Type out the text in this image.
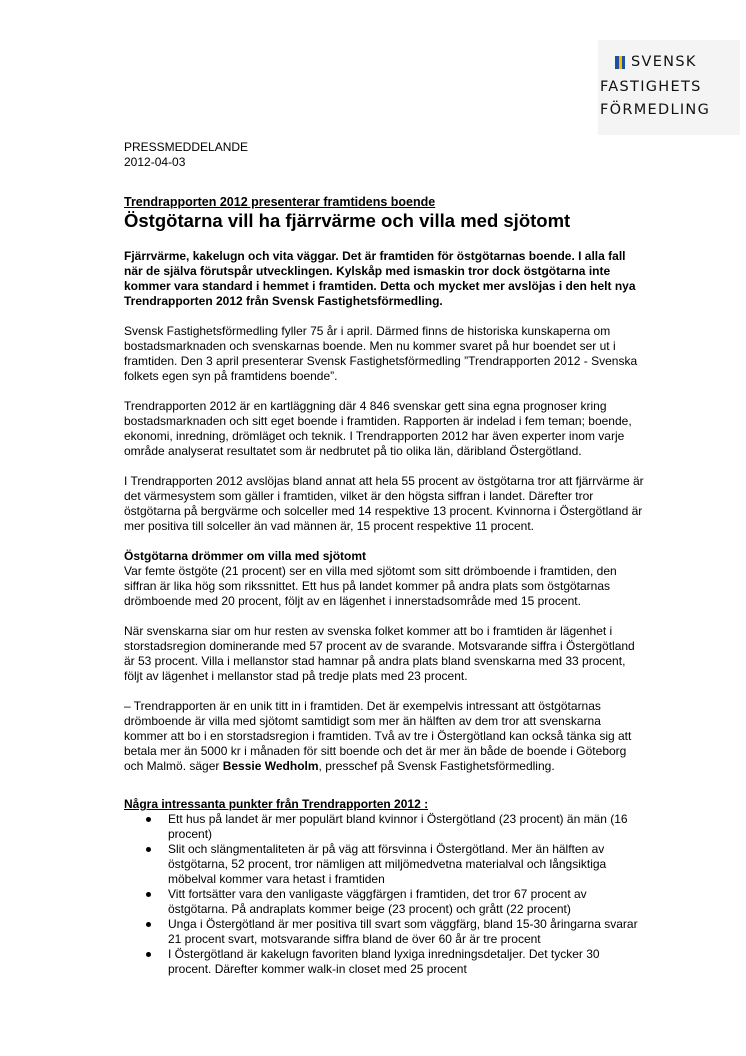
SVENSK
FASTIGHETS
FÖRMEDLING

PRESSMEDDELANDE

2012-04-03

Trendrapporten 2012 presenterar framtidens boende

Östgötarna vill ha fjärrvärme och villa med sjötomt

Fjärrvärme, kakelugn och vita väggar. Det är framtiden för östgötarnas boende. I alla fall när de själva förutspår utvecklingen. Kylskåp med ismaskin tror dock östgötarna inte kommer vara standard i hemmet i framtiden. Detta och mycket mer avslöjas i den helt nya Trendrapporten 2012 från Svensk Fastighetsförmedling.

Svensk Fastighetsförmedling fyller 75 år i april. Därmed finns de historiska kunskaperna om bostadsmarknaden och svenskarnas boende. Men nu kommer svaret på hur boendet ser ut i framtiden. Den 3 april presenterar Svensk Fastighetsförmedling ”Trendrapporten 2012 - Svenska folkets egen syn på framtidens boende”.

Trendrapporten 2012 är en kartläggning där 4 846 svenskar gett sina egna prognoser kring bostadsmarknaden och sitt eget boende i framtiden. Rapporten är indelad i fem teman; boende, ekonomi, inredning, drömläget och teknik. I Trendrapporten 2012 har även experter inom varje område analyserat resultatet som är nedbrutet på tio olika län, däribland Östergötland.

I Trendrapporten 2012 avslöjas bland annat att hela 55 procent av östgötarna tror att fjärrvärme är det värmesystem som gäller i framtiden, vilket är den högsta siffran i landet. Därefter tror östgötarna på bergvärme och solceller med 14 respektive 13 procent. Kvinnorna i Östergötland är mer positiva till solceller än vad männen är, 15 procent respektive 11 procent.

Östgötarna drömmer om villa med sjötomt

Var femte östgöte (21 procent) ser en villa med sjötomt som sitt drömboende i framtiden, den siffran är lika hög som rikssnittet. Ett hus på landet kommer på andra plats som östgötarnas drömboende med 20 procent, följt av en lägenhet i innerstadsområde med 15 procent.

När svenskarna siar om hur resten av svenska folket kommer att bo i framtiden är lägenhet i storstadsregion dominerande med 57 procent av de svarande. Motsvarande siffra i Östergötland är 53 procent. Villa i mellanstor stad hamnar på andra plats bland svenskarna med 33 procent, följt av lägenhet i mellanstor stad på tredje plats med 23 procent.

– Trendrapporten är en unik titt in i framtiden. Det är exempelvis intressant att östgötarnas drömboende är villa med sjötomt samtidigt som mer än hälften av dem tror att svenskarna kommer att bo i en storstadsregion i framtiden. Två av tre i Östergötland kan också tänka sig att betala mer än 5000 kr i månaden för sitt boende och det är mer än både de boende i Göteborg och Malmö. säger Bessie Wedholm, presschef på Svensk Fastighetsförmedling.

Några intressanta punkter från Trendrapporten 2012 :

Ett hus på landet är mer populärt bland kvinnor i Östergötland (23 procent) än män (16 procent)
Slit och slängmentaliteten är på väg att försvinna i Östergötland. Mer än hälften av östgötarna, 52 procent, tror nämligen att miljömedvetna materialval och långsiktiga möbelval kommer vara hetast i framtiden
Vitt fortsätter vara den vanligaste väggfärgen i framtiden, det tror 67 procent av östgötarna. På andraplats kommer beige (23 procent) och grått (22 procent)
Unga i Östergötland är mer positiva till svart som väggfärg, bland 15-30 åringarna svarar 21 procent svart, motsvarande siffra bland de över 60 år är tre procent
I Östergötland är kakelugn favoriten bland lyxiga inredningsdetaljer. Det tycker 30 procent. Därefter kommer walk-in closet med 25 procent
